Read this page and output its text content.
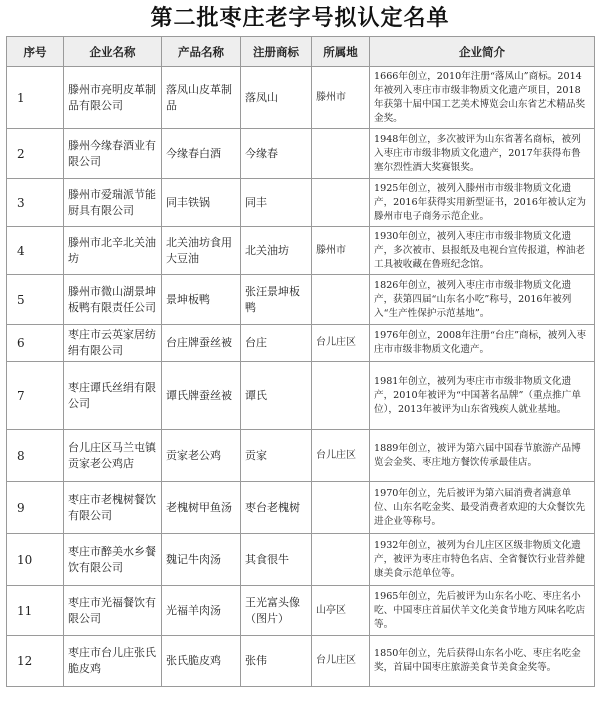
第二批枣庄老字号拟认定名单
序号	企业名称	产品名称	注册商标	所属地	企业简介
1	滕州市亮明皮革制品有限公司	落凤山皮革制品	落凤山	滕州市	1666年创立，2010年注册“落凤山”商标。2014年被列入枣庄市市级非物质文化遗产项目，2018年获第十届中国工艺美术博览会山东省艺术精品奖金奖。
2	滕州今缘春酒业有限公司	今缘春白酒	今缘春		1948年创立，多次被评为山东省著名商标，被列入枣庄市市级非物质文化遗产，2017年获得布鲁塞尔烈性酒大奖赛银奖。
3	滕州市爱瑞派节能厨具有限公司	同丰铁锅	同丰		1925年创立，被列入滕州市市级非物质文化遗产，2016年获得实用新型证书，2016年被认定为滕州市电子商务示范企业。
4	滕州市北辛北关油坊	北关油坊食用大豆油	北关油坊	滕州市	1930年创立，被列入枣庄市市级非物质文化遗产，多次被市、县报纸及电视台宣传报道，榨油老工具被收藏在鲁班纪念馆。
5	滕州市微山湖景坤板鸭有限责任公司	景坤板鸭	张汪景坤板鸭		1826年创立，被列入枣庄市市级非物质文化遗产，获第四届“山东名小吃”称号，2016年被列入“生产性保护示范基地”。
6	枣庄市云英家居纺绢有限公司	台庄牌蚕丝被	台庄	台儿庄区	1976年创立，2008年注册“台庄”商标，被列入枣庄市市级非物质文化遗产。
7	枣庄谭氏丝绢有限公司	谭氏牌蚕丝被	谭氏		1981年创立，被列为枣庄市市级非物质文化遗产，2010年被评为“中国著名品牌”（重点推广单位），2013年被评为山东省残疾人就业基地。
8	台儿庄区马兰屯镇贡家老公鸡店	贡家老公鸡	贡家	台儿庄区	1889年创立，被评为第六届中国春节旅游产品博览会金奖、枣庄地方餐饮传承最佳店。
9	枣庄市老槐树餐饮有限公司	老槐树甲鱼汤	枣台老槐树		1970年创立，先后被评为第六届消费者满意单位、山东名吃金奖、最受消费者欢迎的大众餐饮先进企业等称号。
10	枣庄市醉美水乡餐饮有限公司	魏记牛肉汤	其食很牛		1932年创立，被列为台儿庄区区级非物质文化遗产，被评为枣庄市特色名店、全省餐饮行业营养健康美食示范单位等。
11	枣庄市光福餐饮有限公司	光福羊肉汤	王光富头像（图片）	山亭区	1965年创立，先后被评为山东名小吃、枣庄名小吃、中国枣庄首届伏羊文化美食节地方风味名吃店等。
12	枣庄市台儿庄张氏脆皮鸡	张氏脆皮鸡	张伟	台儿庄区	1850年创立，先后获得山东名小吃、枣庄名吃金奖，首届中国枣庄旅游美食节美食金奖等。
